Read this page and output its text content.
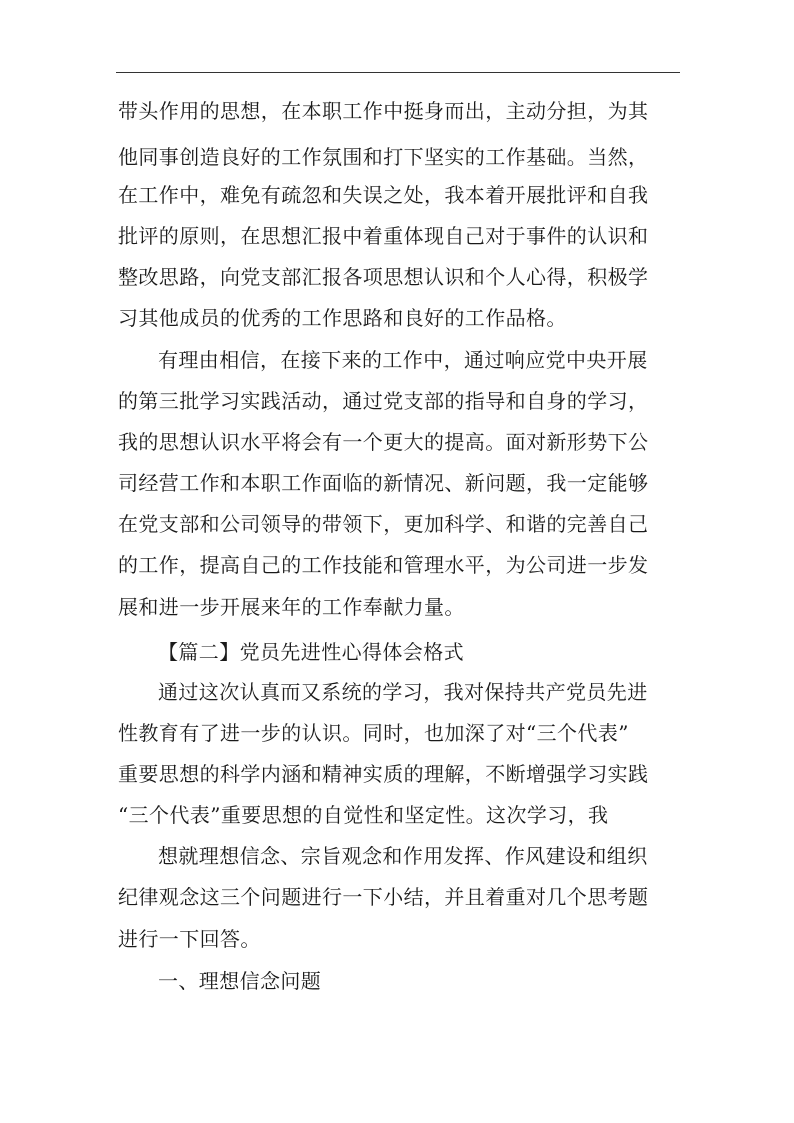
带头作用的思想，在本职工作中挺身而出，主动分担，为其
他同事创造良好的工作氛围和打下坚实的工作基础。当然，
在工作中，难免有疏忽和失误之处，我本着开展批评和自我
批评的原则，在思想汇报中着重体现自己对于事件的认识和
整改思路，向党支部汇报各项思想认识和个人心得，积极学
习其他成员的优秀的工作思路和良好的工作品格。
有理由相信，在接下来的工作中，通过响应党中央开展
的第三批学习实践活动，通过党支部的指导和自身的学习，
我的思想认识水平将会有一个更大的提高。面对新形势下公
司经营工作和本职工作面临的新情况、新问题，我一定能够
在党支部和公司领导的带领下，更加科学、和谐的完善自己
的工作，提高自己的工作技能和管理水平，为公司进一步发
展和进一步开展来年的工作奉献力量。
【篇二】党员先进性心得体会格式
通过这次认真而又系统的学习，我对保持共产党员先进
性教育有了进一步的认识。同时，也加深了对“三个代表”
重要思想的科学内涵和精神实质的理解，不断增强学习实践
“三个代表”重要思想的自觉性和坚定性。这次学习，我
想就理想信念、宗旨观念和作用发挥、作风建设和组织
纪律观念这三个问题进行一下小结，并且着重对几个思考题
进行一下回答。
一、理想信念问题
